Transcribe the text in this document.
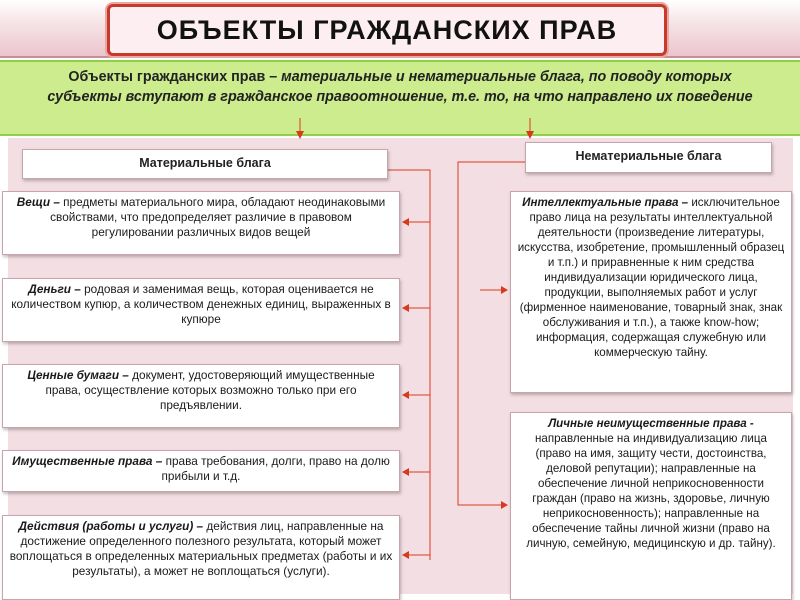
ОБЪЕКТЫ ГРАЖДАНСКИХ ПРАВ
Объекты гражданских прав – материальные и нематериальные блага, по поводу которых субъекты вступают в гражданское правоотношение, т.е. то, на что направлено их поведение
Материальные блага	Нематериальные блага
Вещи – предметы материального мира, обладают неодинаковыми свойствами, что предопределяет различие в правовом регулировании различных видов вещей
Деньги – родовая и заменимая вещь, которая оценивается не количеством купюр, а количеством денежных единиц, выраженных в купюре
Ценные бумаги – документ, удостоверяющий имущественные права, осуществление которых возможно только при его предъявлении.
Имущественные права – права требования, долги, право на долю прибыли и т.д.
Действия (работы и услуги) – действия лиц, направленные на достижение определенного полезного результата, который может воплощаться в определенных материальных предметах (работы и их результаты), а может не воплощаться (услуги).
Интеллектуальные права – исключительное право лица на результаты интеллектуальной деятельности (произведение литературы, искусства, изобретение, промышленный образец и т.п.) и приравненные к ним средства индивидуализации юридического лица, продукции, выполняемых работ и услуг (фирменное наименование, товарный знак, знак обслуживания и т.п.), а также know-how; информация, содержащая служебную или коммерческую тайну.
Личные неимущественные права - направленные на индивидуализацию лица (право на имя, защиту чести, достоинства, деловой репутации); направленные на обеспечение личной неприкосновенности граждан (право на жизнь, здоровье, личную неприкосновенность); направленные на обеспечение тайны личной жизни (право на личную, семейную, медицинскую и др. тайну).
